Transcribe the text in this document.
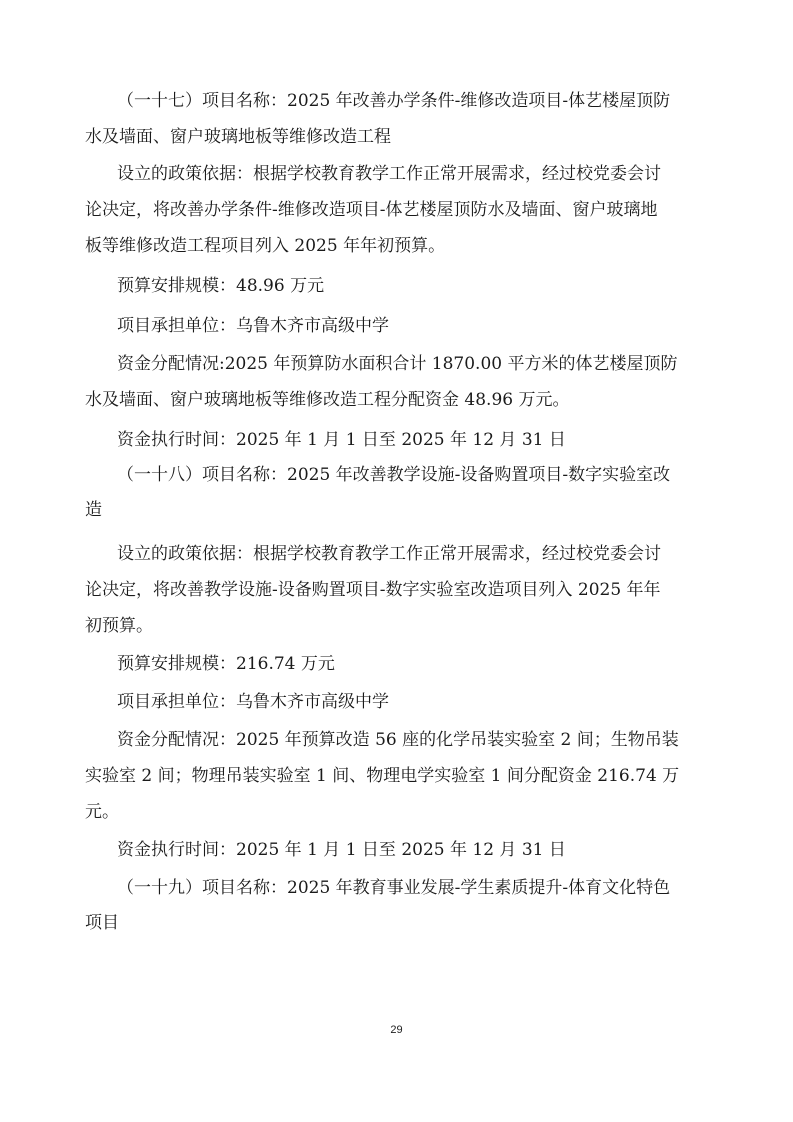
（一十七）项目名称：2025 年改善办学条件-维修改造项目-体艺楼屋顶防
水及墙面、窗户玻璃地板等维修改造工程
设立的政策依据：根据学校教育教学工作正常开展需求，经过校党委会讨
论决定，将改善办学条件-维修改造项目-体艺楼屋顶防水及墙面、窗户玻璃地
板等维修改造工程项目列入 2025 年年初预算。
预算安排规模：48.96 万元
项目承担单位：乌鲁木齐市高级中学
资金分配情况:2025 年预算防水面积合计 1870.00 平方米的体艺楼屋顶防
水及墙面、窗户玻璃地板等维修改造工程分配资金 48.96 万元。
资金执行时间：2025 年 1 月 1 日至 2025 年 12 月 31 日
（一十八）项目名称：2025 年改善教学设施-设备购置项目-数字实验室改
造
设立的政策依据：根据学校教育教学工作正常开展需求，经过校党委会讨
论决定，将改善教学设施-设备购置项目-数字实验室改造项目列入 2025 年年
初预算。
预算安排规模：216.74 万元
项目承担单位：乌鲁木齐市高级中学
资金分配情况：2025 年预算改造 56 座的化学吊装实验室 2 间；生物吊装
实验室 2 间；物理吊装实验室 1 间、物理电学实验室 1 间分配资金 216.74 万
元。
资金执行时间：2025 年 1 月 1 日至 2025 年 12 月 31 日
（一十九）项目名称：2025 年教育事业发展-学生素质提升-体育文化特色
项目
29
